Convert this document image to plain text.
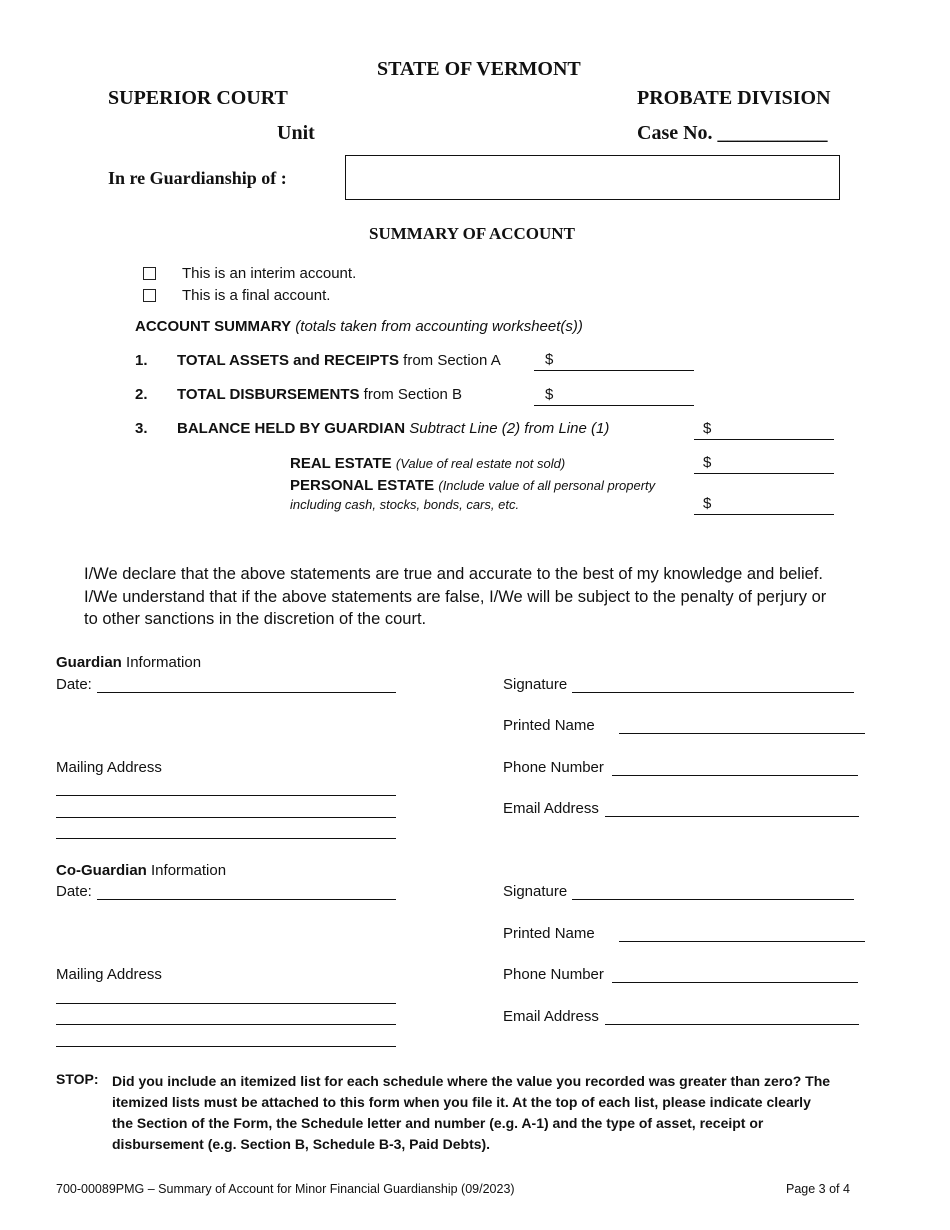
STATE OF VERMONT
SUPERIOR COURT	PROBATE DIVISION
Unit	Case No. ___________
In re Guardianship of :
SUMMARY OF ACCOUNT
This is an interim account.
This is a final account.
ACCOUNT SUMMARY (totals taken from accounting worksheet(s))
1. TOTAL ASSETS and RECEIPTS from Section A	$
2. TOTAL DISBURSEMENTS from Section B	$
3. BALANCE HELD BY GUARDIAN Subtract Line (2) from Line (1)	$
REAL ESTATE (Value of real estate not sold)	$
PERSONAL ESTATE (Include value of all personal property
including cash, stocks, bonds, cars, etc.	$
I/We declare that the above statements are true and accurate to the best of my knowledge and belief.
I/We understand that if the above statements are false, I/We will be subject to the penalty of perjury or
to other sanctions in the discretion of the court.
Guardian Information
Date:	Signature
Printed Name
Mailing Address	Phone Number
Email Address
Co-Guardian Information
Date:	Signature
Printed Name
Mailing Address	Phone Number
Email Address
STOP: Did you include an itemized list for each schedule where the value you recorded was greater than zero? The
itemized lists must be attached to this form when you file it. At the top of each list, please indicate clearly
the Section of the Form, the Schedule letter and number (e.g. A-1) and the type of asset, receipt or
disbursement (e.g. Section B, Schedule B-3, Paid Debts).
700-00089PMG – Summary of Account for Minor Financial Guardianship (09/2023)	Page 3 of 4
